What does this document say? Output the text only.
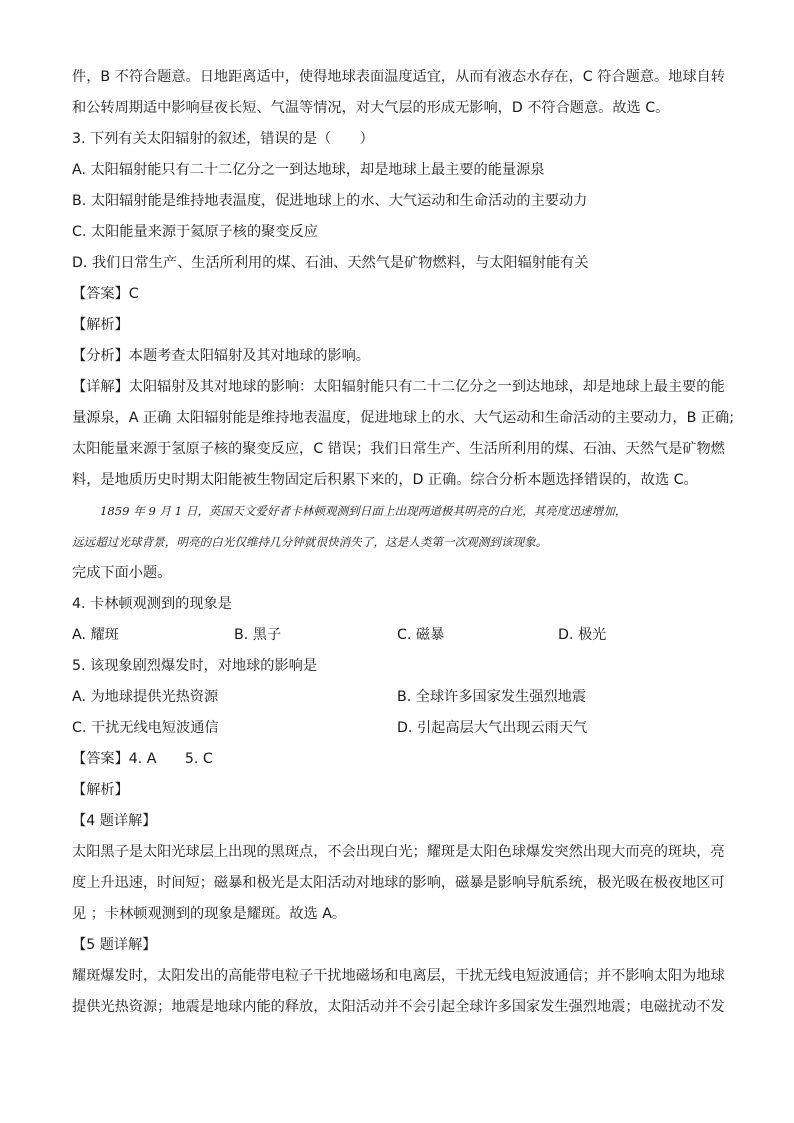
件，B 不符合题意。日地距离适中，使得地球表面温度适宜，从而有液态水存在，C 符合题意。地球自转
和公转周期适中影响昼夜长短、气温等情况，对大气层的形成无影响，D 不符合题意。故选 C。
3. 下列有关太阳辐射的叙述，错误的是（　　）
A. 太阳辐射能只有二十二亿分之一到达地球，却是地球上最主要的能量源泉
B. 太阳辐射能是维持地表温度，促进地球上的水、大气运动和生命活动的主要动力
C. 太阳能量来源于氦原子核的聚变反应
D. 我们日常生产、生活所利用的煤、石油、天然气是矿物燃料，与太阳辐射能有关
【答案】C
【解析】
【分析】本题考查太阳辐射及其对地球的影响。
【详解】太阳辐射及其对地球的影响：太阳辐射能只有二十二亿分之一到达地球，却是地球上最主要的能
量源泉，A 正确 太阳辐射能是维持地表温度，促进地球上的水、大气运动和生命活动的主要动力，B 正确;
太阳能量来源于氢原子核的聚变反应，C 错误；我们日常生产、生活所利用的煤、石油、天然气是矿物燃
料，是地质历史时期太阳能被生物固定后积累下来的，D 正确。综合分析本题选择错误的，故选 C。
1859 年 9 月 1 日，英国天文爱好者卡林顿观测到日面上出现两道极其明亮的白光，其亮度迅速增加，
远远超过光球背景，明亮的白光仅维持几分钟就很快消失了，这是人类第一次观测到该现象。
完成下面小题。
4. 卡林顿观测到的现象是
A. 耀斑	B. 黑子	C. 磁暴	D. 极光
5. 该现象剧烈爆发时，对地球的影响是
A. 为地球提供光热资源	B. 全球许多国家发生强烈地震
C. 干扰无线电短波通信	D. 引起高层大气出现云雨天气
【答案】4. A　　5. C
【解析】
【4 题详解】
太阳黑子是太阳光球层上出现的黑斑点，不会出现白光；耀斑是太阳色球爆发突然出现大而亮的斑块，亮
度上升迅速，时间短；磁暴和极光是太阳活动对地球的影响，磁暴是影响导航系统，极光吸在极夜地区可
见 ；卡林顿观测到的现象是耀斑。故选 A。
【5 题详解】
耀斑爆发时，太阳发出的高能带电粒子干扰地磁场和电离层，干扰无线电短波通信；并不影响太阳为地球
提供光热资源；地震是地球内能的释放，太阳活动并不会引起全球许多国家发生强烈地震；电磁扰动不发
